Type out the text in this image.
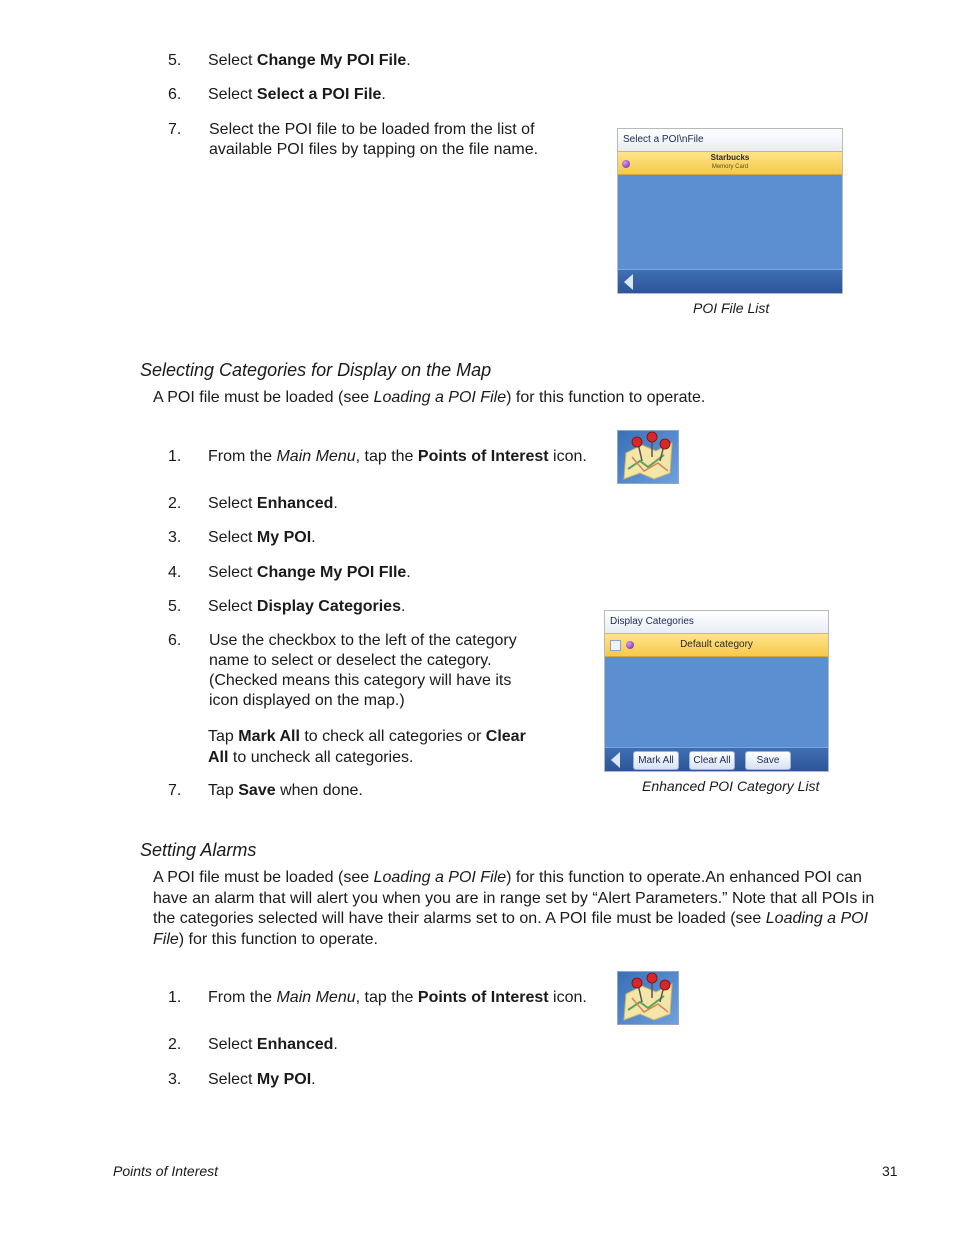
5.	Select Change My POI File.
6.	Select Select a POI File.
7.	Select the POI file to be loaded from the list of available POI files by tapping on the file name.
Select a POI\nFile
Starbucks
Memory Card
POI File List
Selecting Categories for Display on the Map
A POI file must be loaded (see Loading a POI File) for this function to operate.
1.	From the Main Menu, tap the Points of Interest icon.
2.	Select Enhanced.
3.	Select My POI.
4.	Select Change My POI FIle.
5.	Select Display Categories.
6.	Use the checkbox to the left of the category name to select or deselect the category. (Checked means this category will have its icon displayed on the map.)
Tap Mark All to check all categories or Clear All to uncheck all categories.
7.	Tap Save when done.
Display Categories
Default category
Mark All	Clear All	Save
Enhanced POI Category List
Setting Alarms
A POI file must be loaded (see Loading a POI File) for this function to operate.An enhanced POI can have an alarm that will alert you when you are in range set by “Alert Parameters.” Note that all POIs in the categories selected will have their alarms set to on. A POI file must be loaded (see Loading a POI File) for this function to operate.
1.	From the Main Menu, tap the Points of Interest icon.
2.	Select Enhanced.
3.	Select My POI.
Points of Interest	31
